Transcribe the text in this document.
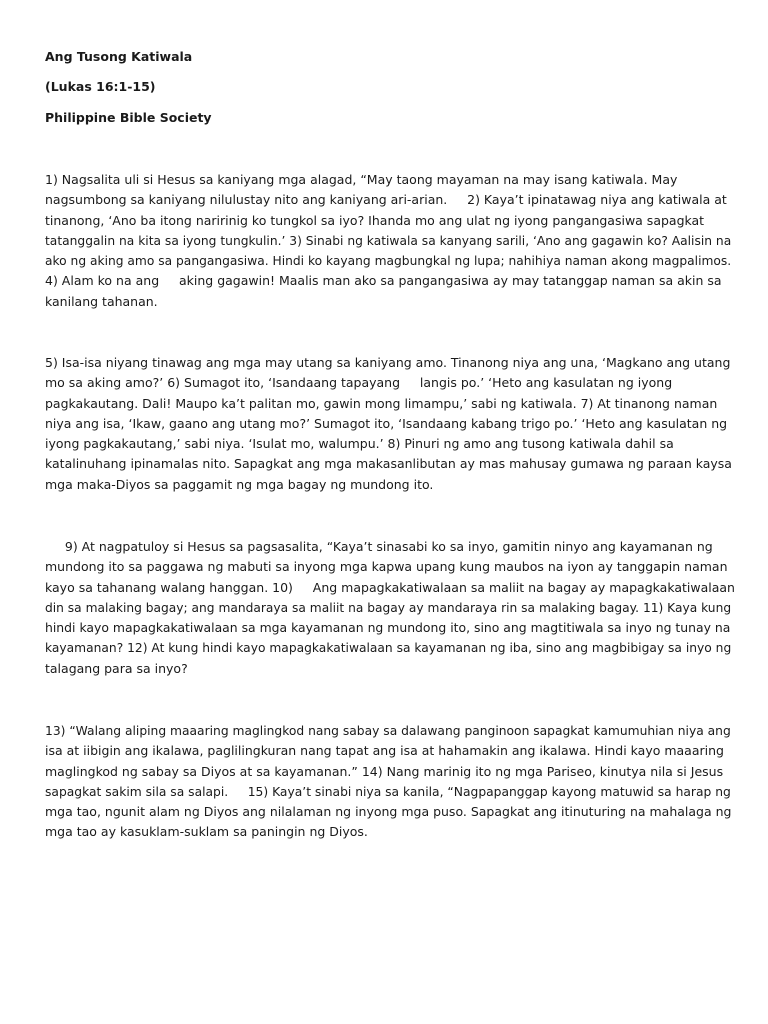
Ang Tusong Katiwala
(Lukas 16:1-15)
Philippine Bible Society

1) Nagsalita uli si Hesus sa kaniyang mga alagad, “May taong mayaman na may isang katiwala. May
nagsumbong sa kaniyang nilulustay nito ang kaniyang ari-arian.     2) Kaya’t ipinatawag niya ang katiwala at
tinanong, ‘Ano ba itong naririnig ko tungkol sa iyo? Ihanda mo ang ulat ng iyong pangangasiwa sapagkat
tatanggalin na kita sa iyong tungkulin.’ 3) Sinabi ng katiwala sa kanyang sarili, ‘Ano ang gagawin ko? Aalisin na
ako ng aking amo sa pangangasiwa. Hindi ko kayang magbungkal ng lupa; nahihiya naman akong magpalimos.
4) Alam ko na ang     aking gagawin! Maalis man ako sa pangangasiwa ay may tatanggap naman sa akin sa
kanilang tahanan.

5) Isa-isa niyang tinawag ang mga may utang sa kaniyang amo. Tinanong niya ang una, ‘Magkano ang utang
mo sa aking amo?’ 6) Sumagot ito, ‘Isandaang tapayang     langis po.’ ‘Heto ang kasulatan ng iyong
pagkakautang. Dali! Maupo ka’t palitan mo, gawin mong limampu,’ sabi ng katiwala. 7) At tinanong naman
niya ang isa, ‘Ikaw, gaano ang utang mo?’ Sumagot ito, ‘Isandaang kabang trigo po.’ ‘Heto ang kasulatan ng
iyong pagkakautang,’ sabi niya. ‘Isulat mo, walumpu.’ 8) Pinuri ng amo ang tusong katiwala dahil sa
katalinuhang ipinamalas nito. Sapagkat ang mga makasanlibutan ay mas mahusay gumawa ng paraan kaysa
mga maka-Diyos sa paggamit ng mga bagay ng mundong ito.

9) At nagpatuloy si Hesus sa pagsasalita, “Kaya’t sinasabi ko sa inyo, gamitin ninyo ang kayamanan ng
mundong ito sa paggawa ng mabuti sa inyong mga kapwa upang kung maubos na iyon ay tanggapin naman
kayo sa tahanang walang hanggan. 10)     Ang mapagkakatiwalaan sa maliit na bagay ay mapagkakatiwalaan
din sa malaking bagay; ang mandaraya sa maliit na bagay ay mandaraya rin sa malaking bagay. 11) Kaya kung
hindi kayo mapagkakatiwalaan sa mga kayamanan ng mundong ito, sino ang magtitiwala sa inyo ng tunay na
kayamanan? 12) At kung hindi kayo mapagkakatiwalaan sa kayamanan ng iba, sino ang magbibigay sa inyo ng
talagang para sa inyo?

13) “Walang aliping maaaring maglingkod nang sabay sa dalawang panginoon sapagkat kamumuhian niya ang
isa at iibigin ang ikalawa, paglilingkuran nang tapat ang isa at hahamakin ang ikalawa. Hindi kayo maaaring
maglingkod ng sabay sa Diyos at sa kayamanan.” 14) Nang marinig ito ng mga Pariseo, kinutya nila si Jesus
sapagkat sakim sila sa salapi.     15) Kaya’t sinabi niya sa kanila, “Nagpapanggap kayong matuwid sa harap ng
mga tao, ngunit alam ng Diyos ang nilalaman ng inyong mga puso. Sapagkat ang itinuturing na mahalaga ng
mga tao ay kasuklam-suklam sa paningin ng Diyos.
